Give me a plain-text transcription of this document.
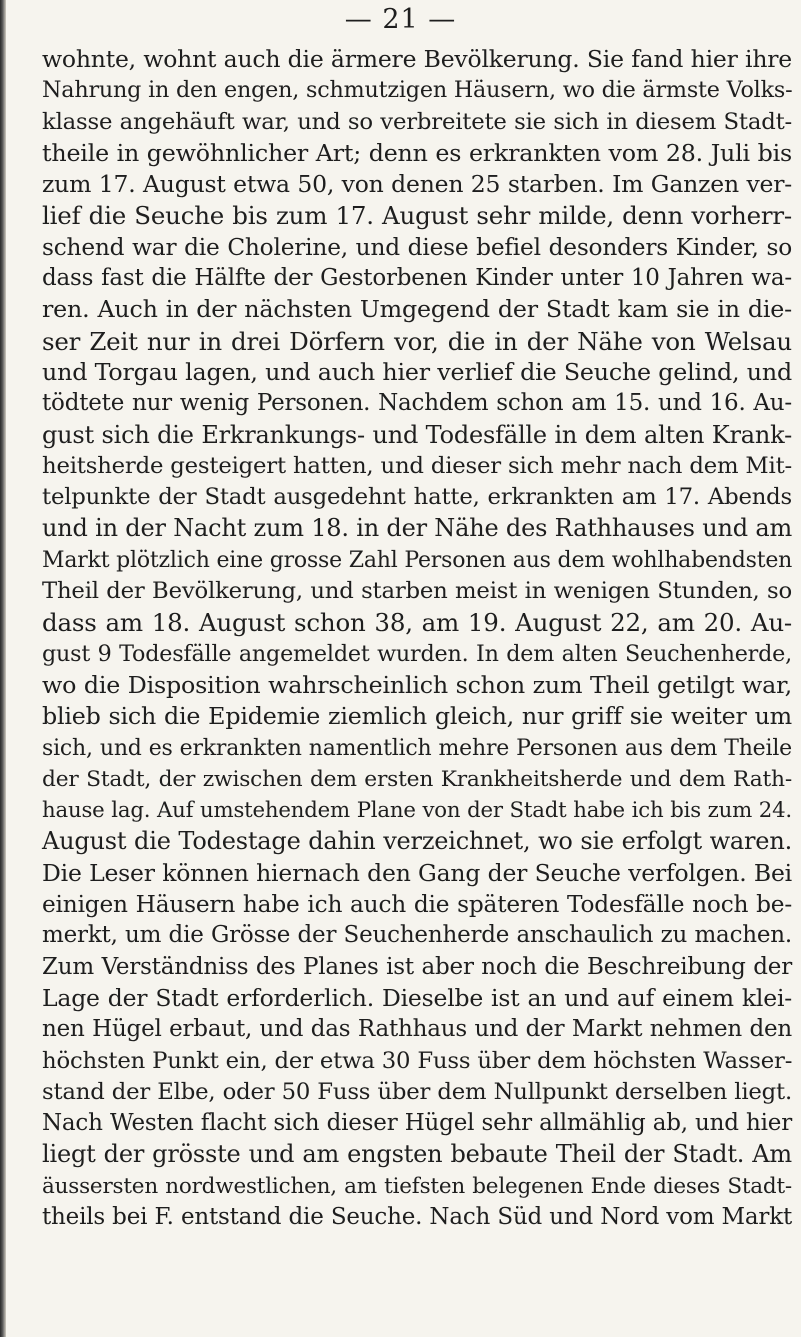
— 21 —
wohnte, wohnt auch die ärmere Bevölkerung. Sie fand hier ihre
Nahrung in den engen, schmutzigen Häusern, wo die ärmste Volks-
klasse angehäuft war, und so verbreitete sie sich in diesem Stadt-
theile in gewöhnlicher Art; denn es erkrankten vom 28. Juli bis
zum 17. August etwa 50, von denen 25 starben. Im Ganzen ver-
lief die Seuche bis zum 17. August sehr milde, denn vorherr-
schend war die Cholerine, und diese befiel desonders Kinder, so
dass fast die Hälfte der Gestorbenen Kinder unter 10 Jahren wa-
ren. Auch in der nächsten Umgegend der Stadt kam sie in die-
ser Zeit nur in drei Dörfern vor, die in der Nähe von Welsau
und Torgau lagen, und auch hier verlief die Seuche gelind, und
tödtete nur wenig Personen. Nachdem schon am 15. und 16. Au-
gust sich die Erkrankungs- und Todesfälle in dem alten Krank-
heitsherde gesteigert hatten, und dieser sich mehr nach dem Mit-
telpunkte der Stadt ausgedehnt hatte, erkrankten am 17. Abends
und in der Nacht zum 18. in der Nähe des Rathhauses und am
Markt plötzlich eine grosse Zahl Personen aus dem wohlhabendsten
Theil der Bevölkerung, und starben meist in wenigen Stunden, so
dass am 18. August schon 38, am 19. August 22, am 20. Au-
gust 9 Todesfälle angemeldet wurden. In dem alten Seuchenherde,
wo die Disposition wahrscheinlich schon zum Theil getilgt war,
blieb sich die Epidemie ziemlich gleich, nur griff sie weiter um
sich, und es erkrankten namentlich mehre Personen aus dem Theile
der Stadt, der zwischen dem ersten Krankheitsherde und dem Rath-
hause lag. Auf umstehendem Plane von der Stadt habe ich bis zum 24.
August die Todestage dahin verzeichnet, wo sie erfolgt waren.
Die Leser können hiernach den Gang der Seuche verfolgen. Bei
einigen Häusern habe ich auch die späteren Todesfälle noch be-
merkt, um die Grösse der Seuchenherde anschaulich zu machen.
Zum Verständniss des Planes ist aber noch die Beschreibung der
Lage der Stadt erforderlich. Dieselbe ist an und auf einem klei-
nen Hügel erbaut, und das Rathhaus und der Markt nehmen den
höchsten Punkt ein, der etwa 30 Fuss über dem höchsten Wasser-
stand der Elbe, oder 50 Fuss über dem Nullpunkt derselben liegt.
Nach Westen flacht sich dieser Hügel sehr allmählig ab, und hier
liegt der grösste und am engsten bebaute Theil der Stadt. Am
äussersten nordwestlichen, am tiefsten belegenen Ende dieses Stadt-
theils bei F. entstand die Seuche. Nach Süd und Nord vom Markt
